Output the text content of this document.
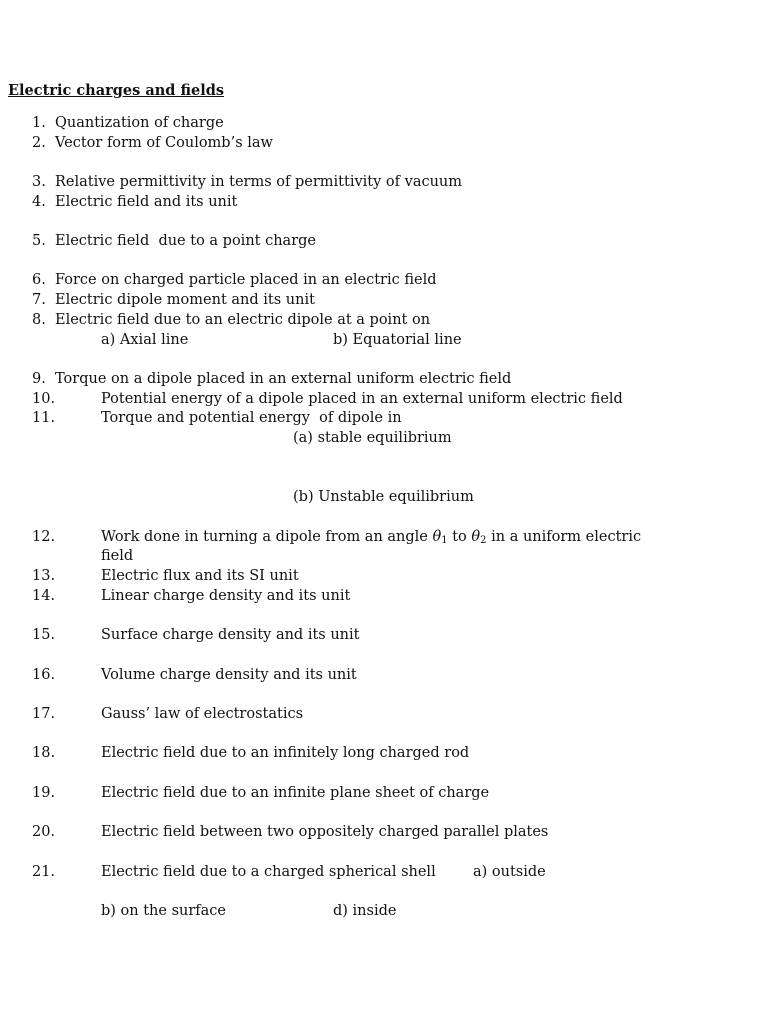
Electric charges and fields
1. Quantization of charge
2. Vector form of Coulomb’s law
3. Relative permittivity in terms of permittivity of vacuum
4. Electric field and its unit
5. Electric field  due to a point charge
6. Force on charged particle placed in an electric field
7. Electric dipole moment and its unit
8. Electric field due to an electric dipole at a point on
a) Axial line	b) Equatorial line
9. Torque on a dipole placed in an external uniform electric field
10.	Potential energy of a dipole placed in an external uniform electric field
11.	Torque and potential energy  of dipole in
(a) stable equilibrium
(b) Unstable equilibrium
12.	Work done in turning a dipole from an angle θ1 to θ2 in a uniform electric
field
13.	Electric flux and its SI unit
14.	Linear charge density and its unit
15.	Surface charge density and its unit
16.	Volume charge density and its unit
17.	Gauss’ law of electrostatics
18.	Electric field due to an infinitely long charged rod
19.	Electric field due to an infinite plane sheet of charge
20.	Electric field between two oppositely charged parallel plates
21.	Electric field due to a charged spherical shell	a) outside
b) on the surface	d) inside
